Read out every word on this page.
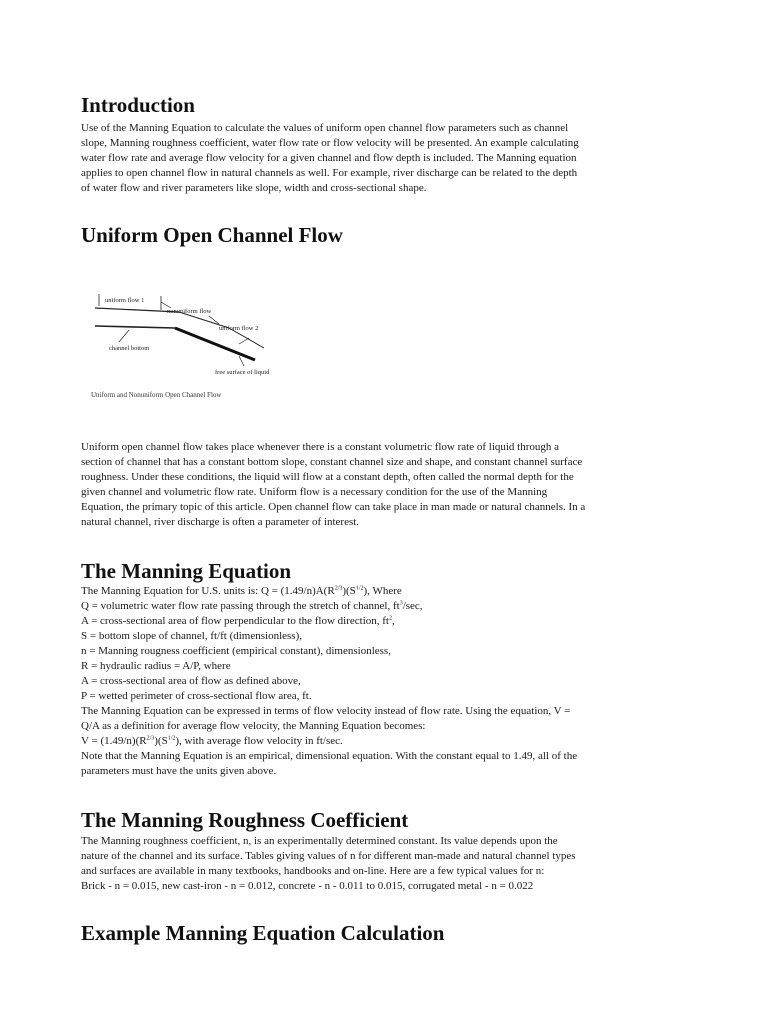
Introduction
Use of the Manning Equation to calculate the values of uniform open channel flow parameters such as channel
slope, Manning roughness coefficient, water flow rate or flow velocity will be presented. An example calculating
water flow rate and average flow velocity for a given channel and flow depth is included. The Manning equation
applies to open channel flow in natural channels as well. For example, river discharge can be related to the depth
of water flow and river parameters like slope, width and cross-sectional shape.
Uniform Open Channel Flow
uniform flow 1
nonuniform flow
uniform flow 2
channel bottom
free surface of liquid
Uniform and Nonuniform Open Channel Flow
Uniform open channel flow takes place whenever there is a constant volumetric flow rate of liquid through a
section of channel that has a constant bottom slope, constant channel size and shape, and constant channel surface
roughness. Under these conditions, the liquid will flow at a constant depth, often called the normal depth for the
given channel and volumetric flow rate. Uniform flow is a necessary condition for the use of the Manning
Equation, the primary topic of this article. Open channel flow can take place in man made or natural channels. In a
natural channel, river discharge is often a parameter of interest.
The Manning Equation
The Manning Equation for U.S. units is: $Q = (1.49/n)A(R^{2/3})(S^{1/2})$, Where
Q = volumetric water flow rate passing through the stretch of channel, $ft^3/\sec$,
A = cross-sectional area of flow perpendicular to the flow direction, $ft^2$,
S = bottom slope of channel, ft/ft (dimensionless),
n = Manning rougness coefficient (empirical constant), dimensionless,
R = hydraulic radius = A/P, where
A = cross-sectional area of flow as defined above,
P = wetted perimeter of cross-sectional flow area, ft.
The Manning Equation can be expressed in terms of flow velocity instead of flow rate. Using the equation, V =
Q/A as a definition for average flow velocity, the Manning Equation becomes:
$V = (1.49/n)(R^{2/3})(S^{1/2})$, with average flow velocity in ft/sec.
Note that the Manning Equation is an empirical, dimensional equation. With the constant equal to 1.49, all of the
parameters must have the units given above.
The Manning Roughness Coefficient
The Manning roughness coefficient, n, is an experimentally determined constant. Its value depends upon the
nature of the channel and its surface. Tables giving values of n for different man-made and natural channel types
and surfaces are available in many textbooks, handbooks and on-line. Here are a few typical values for n:
Brick - n = 0.015, new cast-iron - n = 0.012, concrete - n - 0.011 to 0.015, corrugated metal - n = 0.022
Example Manning Equation Calculation
